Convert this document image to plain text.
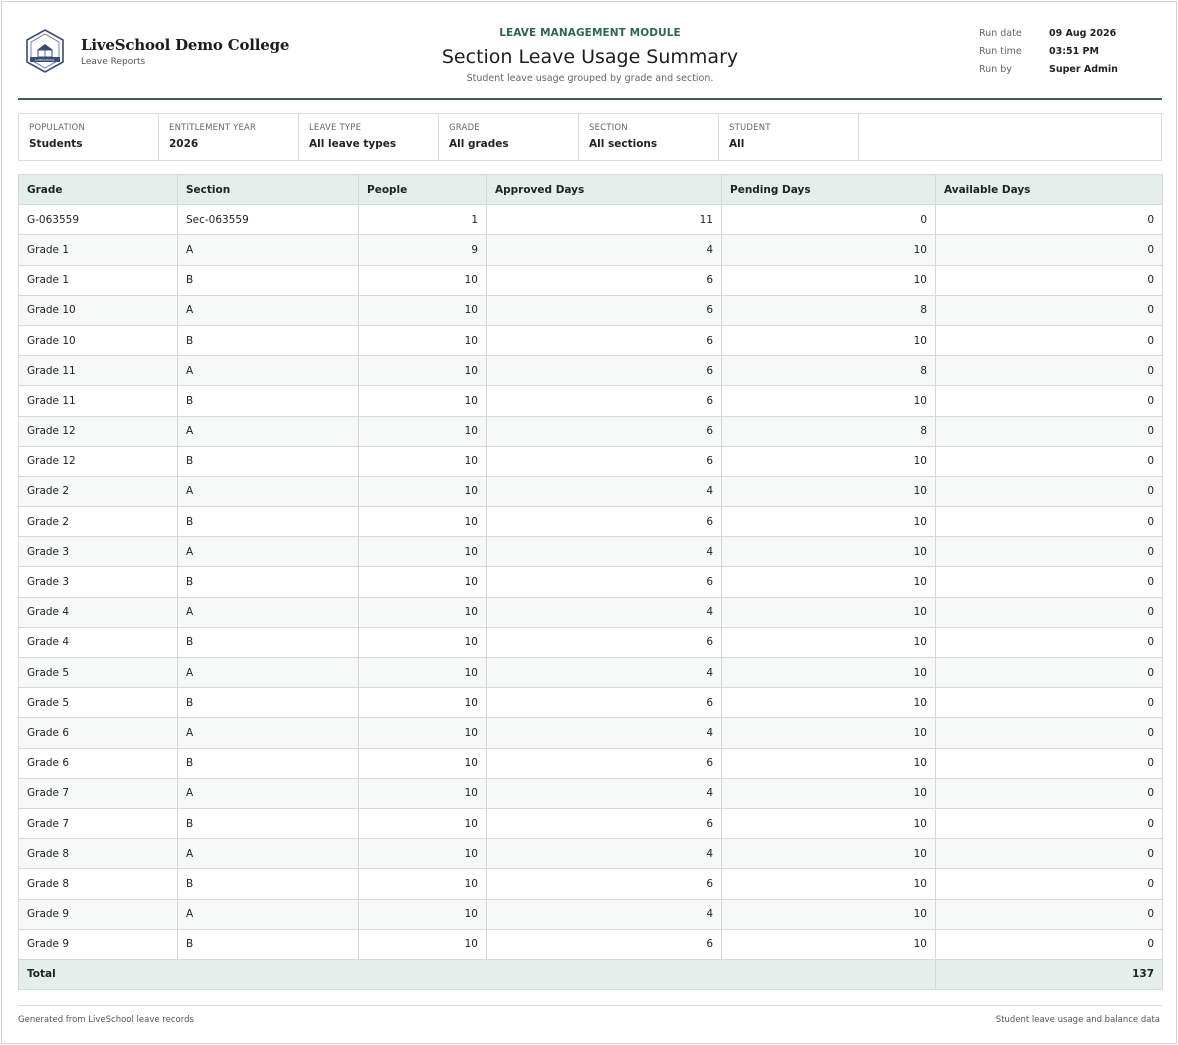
LIVESCHOOL
LiveSchool Demo College
Leave Reports
LEAVE MANAGEMENT MODULE
Section Leave Usage Summary
Student leave usage grouped by grade and section.
Run date	09 Aug 2026
Run time	03:51 PM
Run by	Super Admin
POPULATION
Students
ENTITLEMENT YEAR
2026
LEAVE TYPE
All leave types
GRADE
All grades
SECTION
All sections
STUDENT
All
Grade	Section	People	Approved Days	Pending Days	Available Days
G-063559	Sec-063559	1	11	0	0
Grade 1	A	9	4	10	0
Grade 1	B	10	6	10	0
Grade 10	A	10	6	8	0
Grade 10	B	10	6	10	0
Grade 11	A	10	6	8	0
Grade 11	B	10	6	10	0
Grade 12	A	10	6	8	0
Grade 12	B	10	6	10	0
Grade 2	A	10	4	10	0
Grade 2	B	10	6	10	0
Grade 3	A	10	4	10	0
Grade 3	B	10	6	10	0
Grade 4	A	10	4	10	0
Grade 4	B	10	6	10	0
Grade 5	A	10	4	10	0
Grade 5	B	10	6	10	0
Grade 6	A	10	4	10	0
Grade 6	B	10	6	10	0
Grade 7	A	10	4	10	0
Grade 7	B	10	6	10	0
Grade 8	A	10	4	10	0
Grade 8	B	10	6	10	0
Grade 9	A	10	4	10	0
Grade 9	B	10	6	10	0
Total					137
Generated from LiveSchool leave records	Student leave usage and balance data
